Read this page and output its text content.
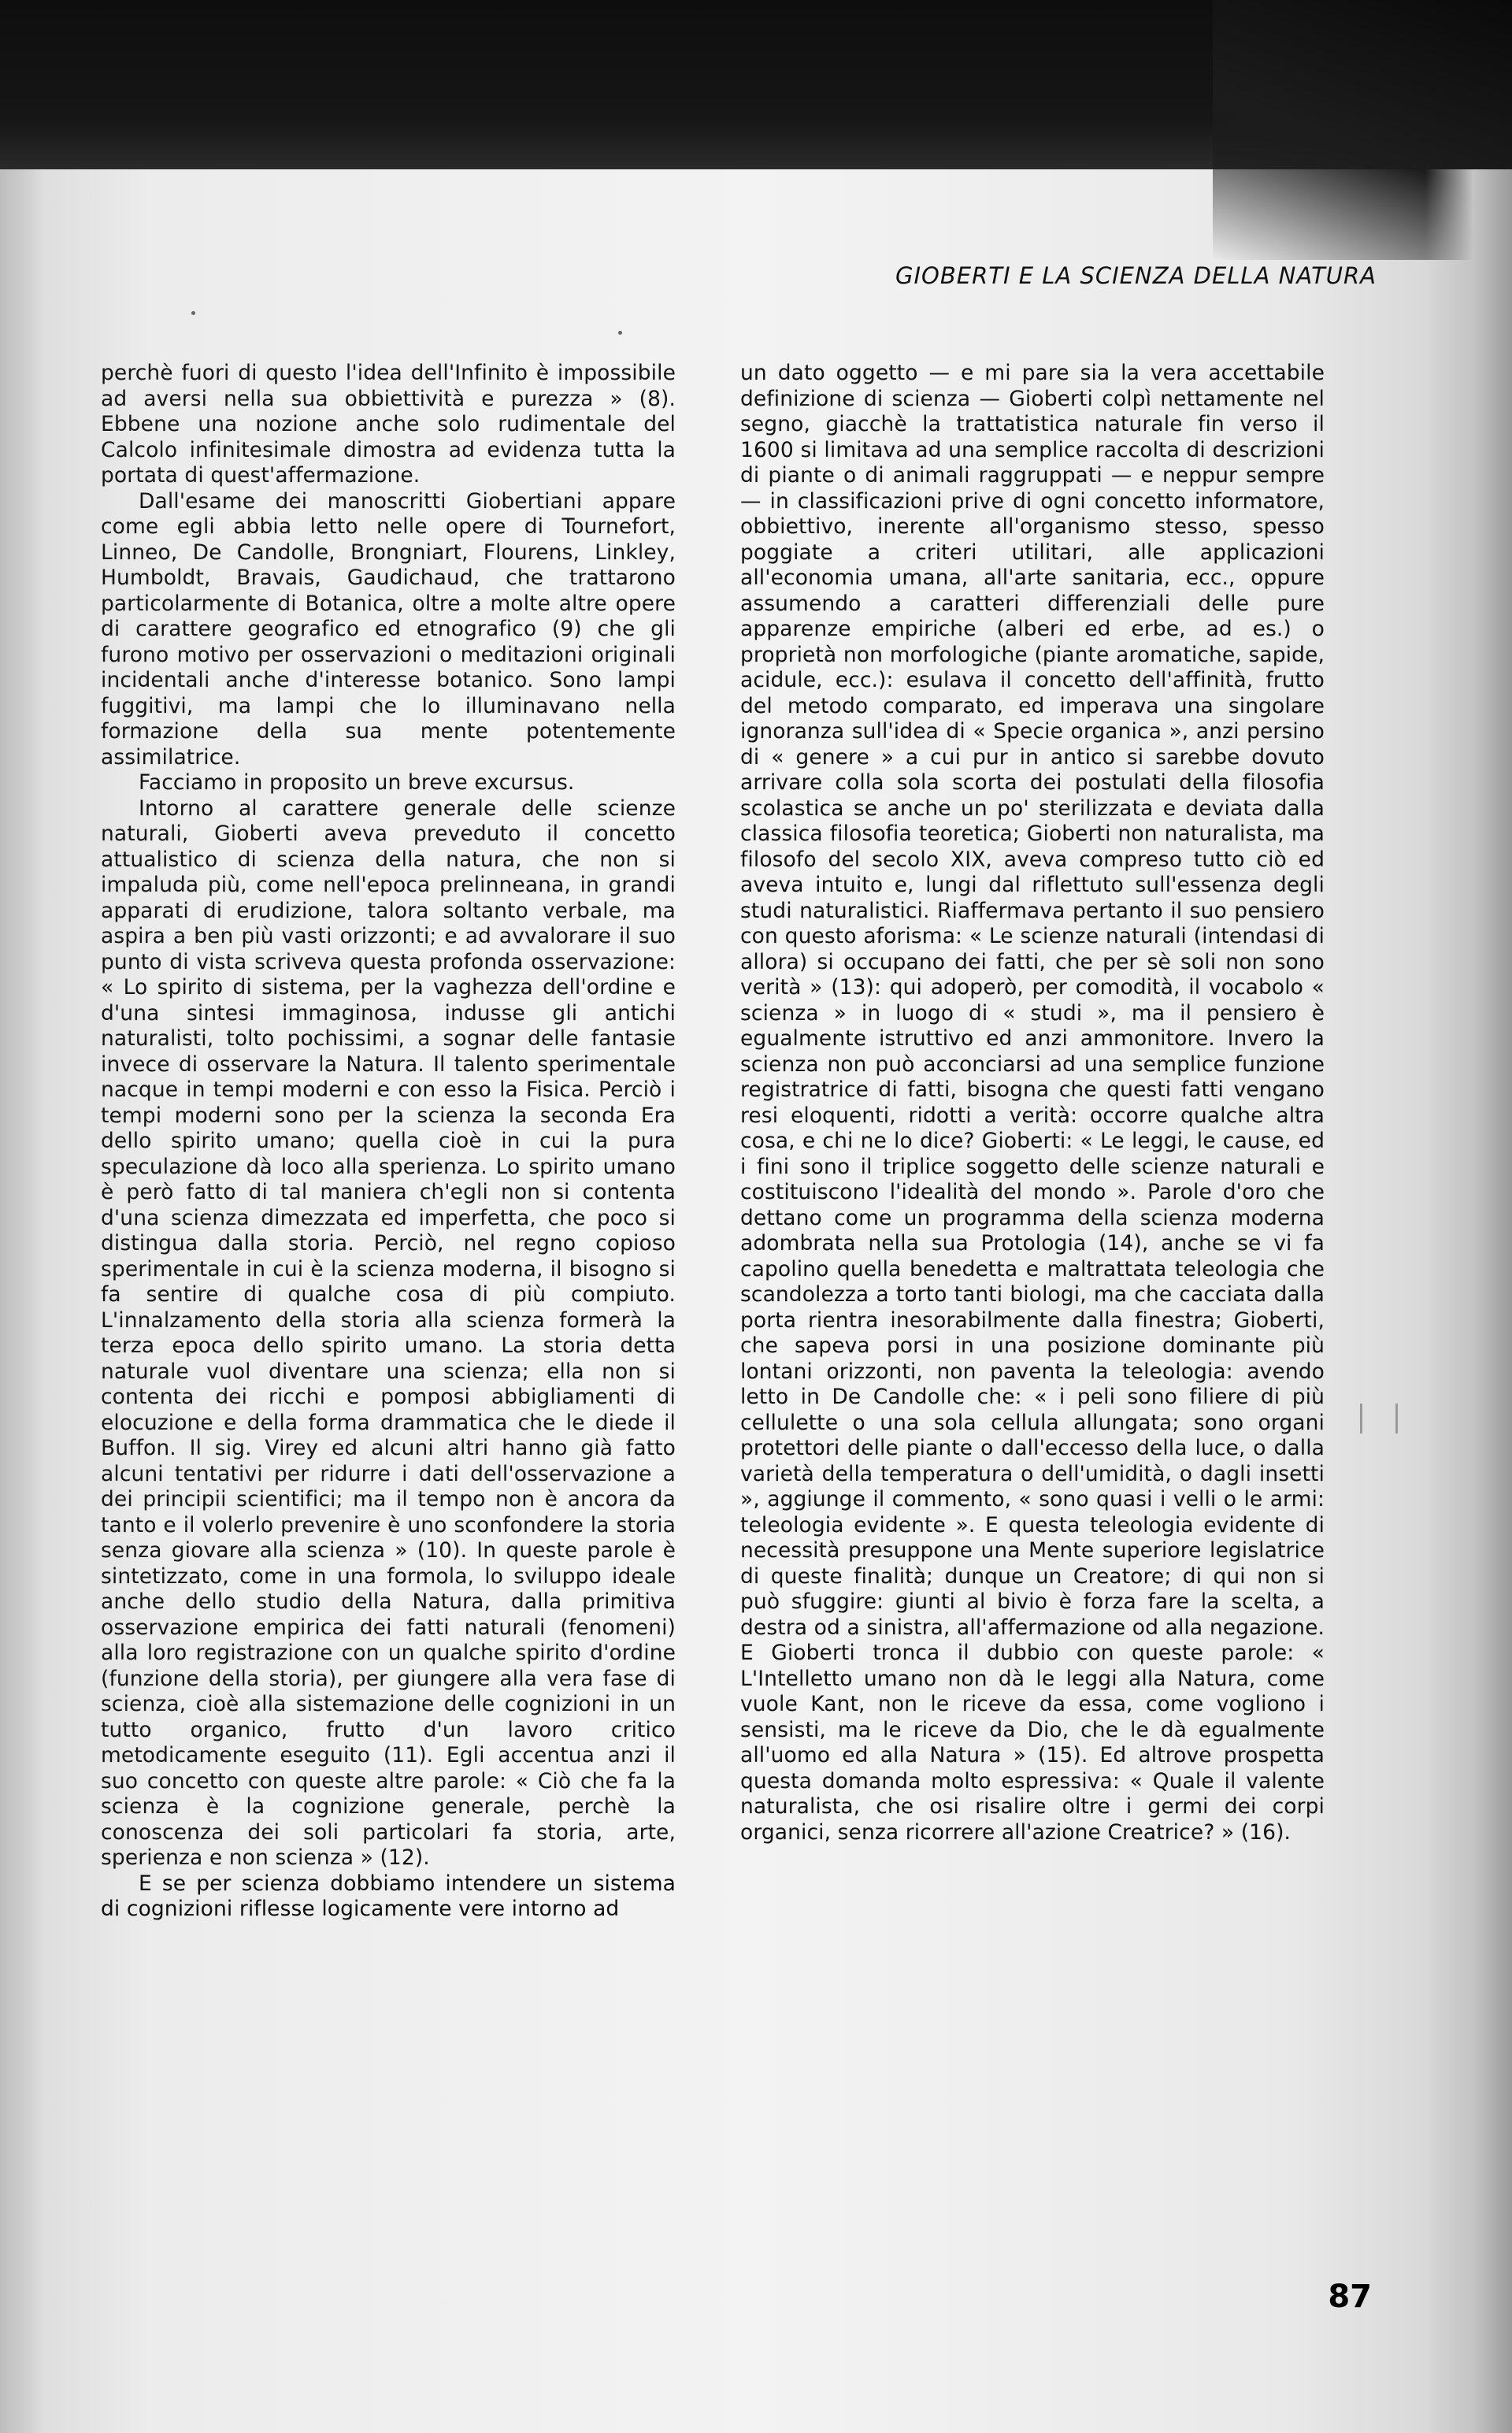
GIOBERTI E LA SCIENZA DELLA NATURA

perchè fuori di questo l'idea dell'Infinito è impossibile ad aversi nella sua obbiettività e purezza » (8). Ebbene una nozione anche solo rudimentale del Calcolo infinitesimale dimostra ad evidenza tutta la portata di quest'affermazione.

Dall'esame dei manoscritti Giobertiani appare come egli abbia letto nelle opere di Tournefort, Linneo, De Candolle, Brongniart, Flourens, Linkley, Humboldt, Bravais, Gaudichaud, che trattarono particolarmente di Botanica, oltre a molte altre opere di carattere geografico ed etnografico (9) che gli furono motivo per osservazioni o meditazioni originali incidentali anche d'interesse botanico. Sono lampi fuggitivi, ma lampi che lo illuminavano nella formazione della sua mente potentemente assimilatrice.

Facciamo in proposito un breve excursus.

Intorno al carattere generale delle scienze naturali, Gioberti aveva preveduto il concetto attualistico di scienza della natura, che non si impaluda più, come nell'epoca prelinneana, in grandi apparati di erudizione, talora soltanto verbale, ma aspira a ben più vasti orizzonti; e ad avvalorare il suo punto di vista scriveva questa profonda osservazione: « Lo spirito di sistema, per la vaghezza dell'ordine e d'una sintesi immaginosa, indusse gli antichi naturalisti, tolto pochissimi, a sognar delle fantasie invece di osservare la Natura. Il talento sperimentale nacque in tempi moderni e con esso la Fisica. Perciò i tempi moderni sono per la scienza la seconda Era dello spirito umano; quella cioè in cui la pura speculazione dà loco alla sperienza. Lo spirito umano è però fatto di tal maniera ch'egli non si contenta d'una scienza dimezzata ed imperfetta, che poco si distingua dalla storia. Perciò, nel regno copioso sperimentale in cui è la scienza moderna, il bisogno si fa sentire di qualche cosa di più compiuto. L'innalzamento della storia alla scienza formerà la terza epoca dello spirito umano. La storia detta naturale vuol diventare una scienza; ella non si contenta dei ricchi e pomposi abbigliamenti di elocuzione e della forma drammatica che le diede il Buffon. Il sig. Virey ed alcuni altri hanno già fatto alcuni tentativi per ridurre i dati dell'osservazione a dei principii scientifici; ma il tempo non è ancora da tanto e il volerlo prevenire è uno sconfondere la storia senza giovare alla scienza » (10). In queste parole è sintetizzato, come in una formola, lo sviluppo ideale anche dello studio della Natura, dalla primitiva osservazione empirica dei fatti naturali (fenomeni) alla loro registrazione con un qualche spirito d'ordine (funzione della storia), per giungere alla vera fase di scienza, cioè alla sistemazione delle cognizioni in un tutto organico, frutto d'un lavoro critico metodicamente eseguito (11). Egli accentua anzi il suo concetto con queste altre parole: « Ciò che fa la scienza è la cognizione generale, perchè la conoscenza dei soli particolari fa storia, arte, sperienza e non scienza » (12).

E se per scienza dobbiamo intendere un sistema di cognizioni riflesse logicamente vere intorno ad

un dato oggetto — e mi pare sia la vera accettabile definizione di scienza — Gioberti colpì nettamente nel segno, giacchè la trattatistica naturale fin verso il 1600 si limitava ad una semplice raccolta di descrizioni di piante o di animali raggruppati — e neppur sempre — in classificazioni prive di ogni concetto informatore, obbiettivo, inerente all'organismo stesso, spesso poggiate a criteri utilitari, alle applicazioni all'economia umana, all'arte sanitaria, ecc., oppure assumendo a caratteri differenziali delle pure apparenze empiriche (alberi ed erbe, ad es.) o proprietà non morfologiche (piante aromatiche, sapide, acidule, ecc.): esulava il concetto dell'affinità, frutto del metodo comparato, ed imperava una singolare ignoranza sull'idea di « Specie organica », anzi persino di « genere » a cui pur in antico si sarebbe dovuto arrivare colla sola scorta dei postulati della filosofia scolastica se anche un po' sterilizzata e deviata dalla classica filosofia teoretica; Gioberti non naturalista, ma filosofo del secolo XIX, aveva compreso tutto ciò ed aveva intuito e, lungi dal riflettuto sull'essenza degli studi naturalistici. Riaffermava pertanto il suo pensiero con questo aforisma: « Le scienze naturali (intendasi di allora) si occupano dei fatti, che per sè soli non sono verità » (13): qui adoperò, per comodità, il vocabolo « scienza » in luogo di « studi », ma il pensiero è egualmente istruttivo ed anzi ammonitore. Invero la scienza non può acconciarsi ad una semplice funzione registratrice di fatti, bisogna che questi fatti vengano resi eloquenti, ridotti a verità: occorre qualche altra cosa, e chi ne lo dice? Gioberti: « Le leggi, le cause, ed i fini sono il triplice soggetto delle scienze naturali e costituiscono l'idealità del mondo ». Parole d'oro che dettano come un programma della scienza moderna adombrata nella sua Protologia (14), anche se vi fa capolino quella benedetta e maltrattata teleologia che scandolezza a torto tanti biologi, ma che cacciata dalla porta rientra inesorabilmente dalla finestra; Gioberti, che sapeva porsi in una posizione dominante più lontani orizzonti, non paventa la teleologia: avendo letto in De Candolle che: « i peli sono filiere di più cellulette o una sola cellula allungata; sono organi protettori delle piante o dall'eccesso della luce, o dalla varietà della temperatura o dell'umidità, o dagli insetti », aggiunge il commento, « sono quasi i velli o le armi: teleologia evidente ». E questa teleologia evidente di necessità presuppone una Mente superiore legislatrice di queste finalità; dunque un Creatore; di qui non si può sfuggire: giunti al bivio è forza fare la scelta, a destra od a sinistra, all'affermazione od alla negazione. E Gioberti tronca il dubbio con queste parole: « L'Intelletto umano non dà le leggi alla Natura, come vuole Kant, non le riceve da essa, come vogliono i sensisti, ma le riceve da Dio, che le dà egualmente all'uomo ed alla Natura » (15). Ed altrove prospetta questa domanda molto espressiva: « Quale il valente naturalista, che osi risalire oltre i germi dei corpi organici, senza ricorrere all'azione Creatrice? » (16).

87
